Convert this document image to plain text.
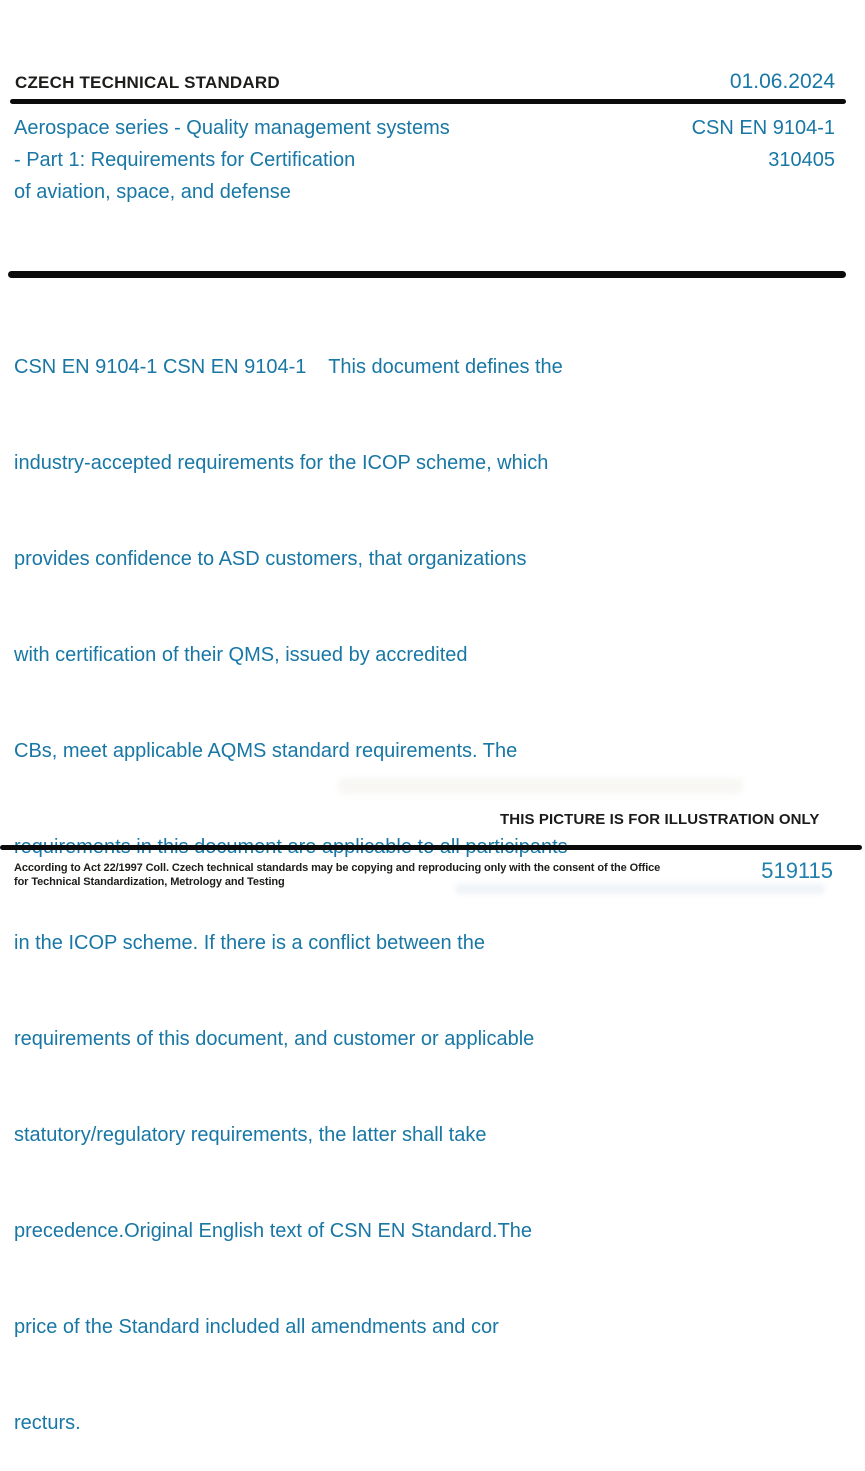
CZECH TECHNICAL STANDARD	01.06.2024
Aerospace series - Quality management systems
- Part 1: Requirements for Certification
of aviation, space, and defense
CSN EN 9104-1
310405

CSN EN 9104-1 CSN EN 9104-1    This document defines the

industry-accepted requirements for the ICOP scheme, which

provides confidence to ASD customers, that organizations

with certification of their QMS, issued by accredited

CBs, meet applicable AQMS standard requirements. The

in the ICOP scheme. If there is a conflict between the

requirements of this document, and customer or applicable

statutory/regulatory requirements, the latter shall take

precedence.Original English text of CSN EN Standard.The

price of the Standard included all amendments and cor

recturs.

THIS PICTURE IS FOR ILLUSTRATION ONLY
According to Act 22/1997 Coll. Czech technical standards may be copying and reproducing only with the consent of the Office
for Technical Standardization, Metrology and Testing	519115
